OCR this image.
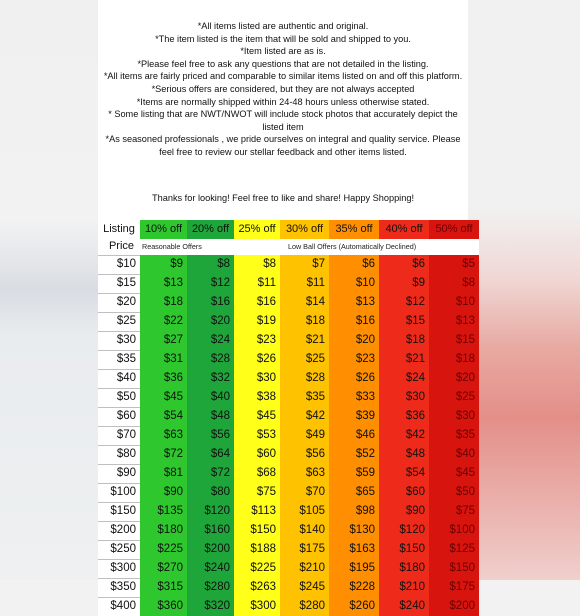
*All items listed are authentic and original.

*The item listed is the item that will be sold and shipped to you.

*Item listed are as is.

*Please feel free to ask any questions that are not detailed in the listing.

*All items are fairly priced and comparable to similar items listed on and off this platform.

*Serious offers are considered, but they are not always accepted

*Items are normally shipped within 24-48 hours unless otherwise stated.

* Some listing that are NWT/NWOT will include stock photos that accurately depict the listed item

*As seasoned professionals , we pride ourselves on integral and quality service. Please feel free to review our stellar feedback and other items listed.

Thanks for looking! Feel free to like and share! Happy Shopping!
Listing 10% off 20% off 25% off 30% off	35% off	40% off	50% off
Price	Reasonable Offers	Low Ball Offers (Automatically Declined)
$10	$9	$8	$8	$7	$6	$6	$5
$15	$13	$12	$11	$11	$10	$9	$8
$20	$18	$16	$16	$14	$13	$12	$10
$25	$22	$20	$19	$18	$16	$15	$13
$30	$27	$24	$23	$21	$20	$18	$15
$35	$31	$28	$26	$25	$23	$21	$18
$40	$36	$32	$30	$28	$26	$24	$20
$50	$45	$40	$38	$35	$33	$30	$25
$60	$54	$48	$45	$42	$39	$36	$30
$70	$63	$56	$53	$49	$46	$42	$35
$80	$72	$64	$60	$56	$52	$48	$40
$90	$81	$72	$68	$63	$59	$54	$45
$100	$90	$80	$75	$70	$65	$60	$50
$150	$135	$120	$113	$105	$98	$90	$75
$200	$180	$160	$150	$140	$130	$120	$100
$250	$225	$200	$188	$175	$163	$150	$125
$300	$270	$240	$225	$210	$195	$180	$150
$350	$315	$280	$263	$245	$228	$210	$175
$400	$360	$320	$300	$280	$260	$240	$200
